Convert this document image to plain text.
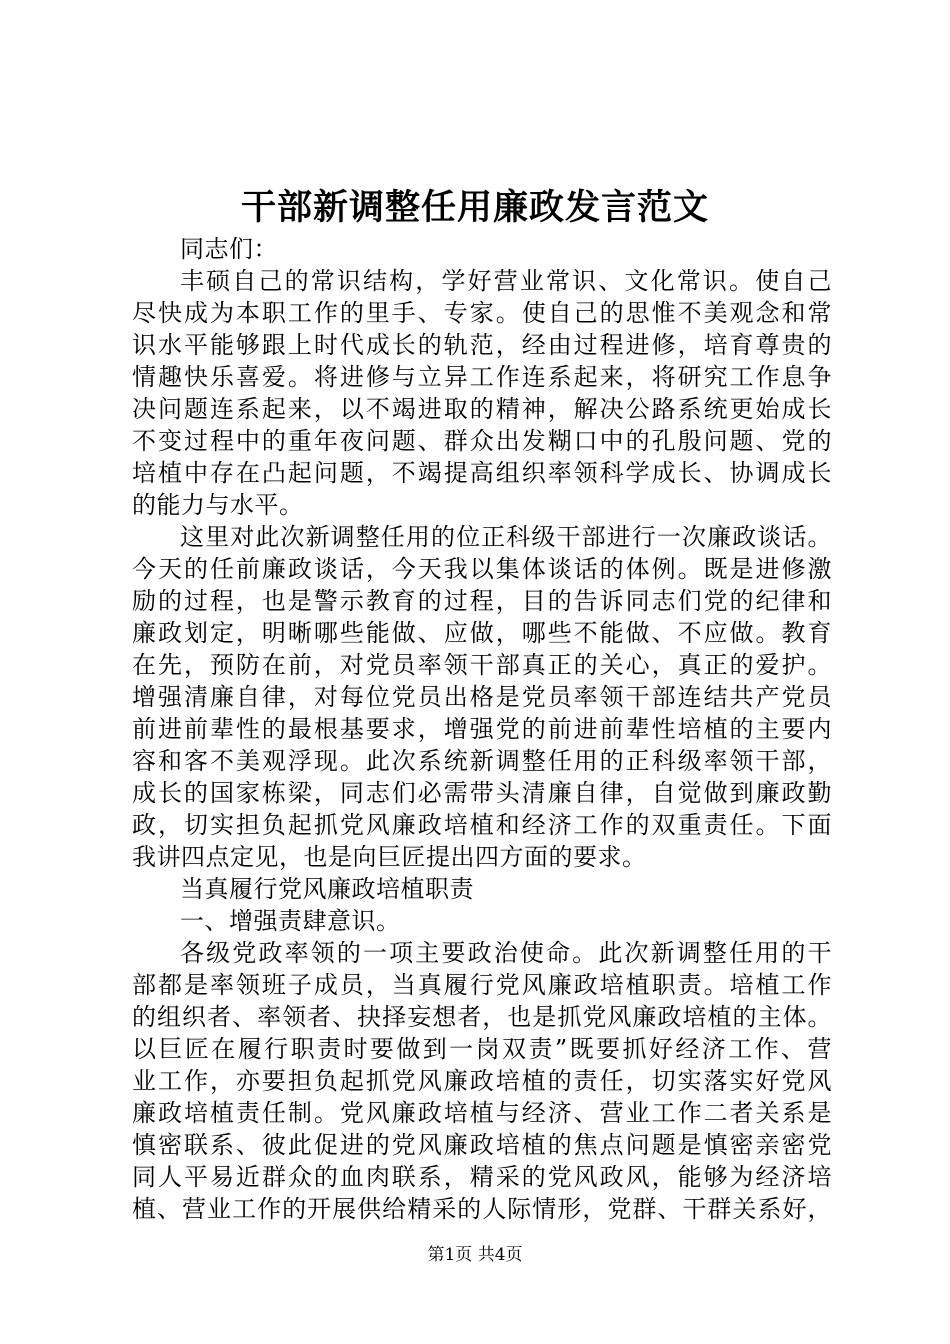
干部新调整任用廉政发言范文
同志们：
丰硕自己的常识结构，学好营业常识、文化常识。使自己
尽快成为本职工作的里手、专家。使自己的思惟不美观念和常
识水平能够跟上时代成长的轨范，经由过程进修，培育尊贵的
情趣快乐喜爱。将进修与立异工作连系起来，将研究工作息争
决问题连系起来，以不竭进取的精神，解决公路系统更始成长
不变过程中的重年夜问题、群众出发糊口中的孔殷问题、党的
培植中存在凸起问题，不竭提高组织率领科学成长、协调成长
的能力与水平。
这里对此次新调整任用的位正科级干部进行一次廉政谈话。
今天的任前廉政谈话，今天我以集体谈话的体例。既是进修激
励的过程，也是警示教育的过程，目的告诉同志们党的纪律和
廉政划定，明晰哪些能做、应做，哪些不能做、不应做。教育
在先，预防在前，对党员率领干部真正的关心，真正的爱护。
增强清廉自律，对每位党员出格是党员率领干部连结共产党员
前进前辈性的最根基要求，增强党的前进前辈性培植的主要内
容和客不美观浮现。此次系统新调整任用的正科级率领干部，
成长的国家栋梁，同志们必需带头清廉自律，自觉做到廉政勤
政，切实担负起抓党风廉政培植和经济工作的双重责任。下面
我讲四点定见，也是向巨匠提出四方面的要求。
当真履行党风廉政培植职责
一、增强责肆意识。
各级党政率领的一项主要政治使命。此次新调整任用的干
部都是率领班子成员，当真履行党风廉政培植职责。培植工作
的组织者、率领者、抉择妄想者，也是抓党风廉政培植的主体。
以巨匠在履行职责时要做到一岗双责”既要抓好经济工作、营
业工作，亦要担负起抓党风廉政培植的责任，切实落实好党风
廉政培植责任制。党风廉政培植与经济、营业工作二者关系是
慎密联系、彼此促进的党风廉政培植的焦点问题是慎密亲密党
同人平易近群众的血肉联系，精采的党风政风，能够为经济培
植、营业工作的开展供给精采的人际情形，党群、干群关系好，
第1页 共4页
